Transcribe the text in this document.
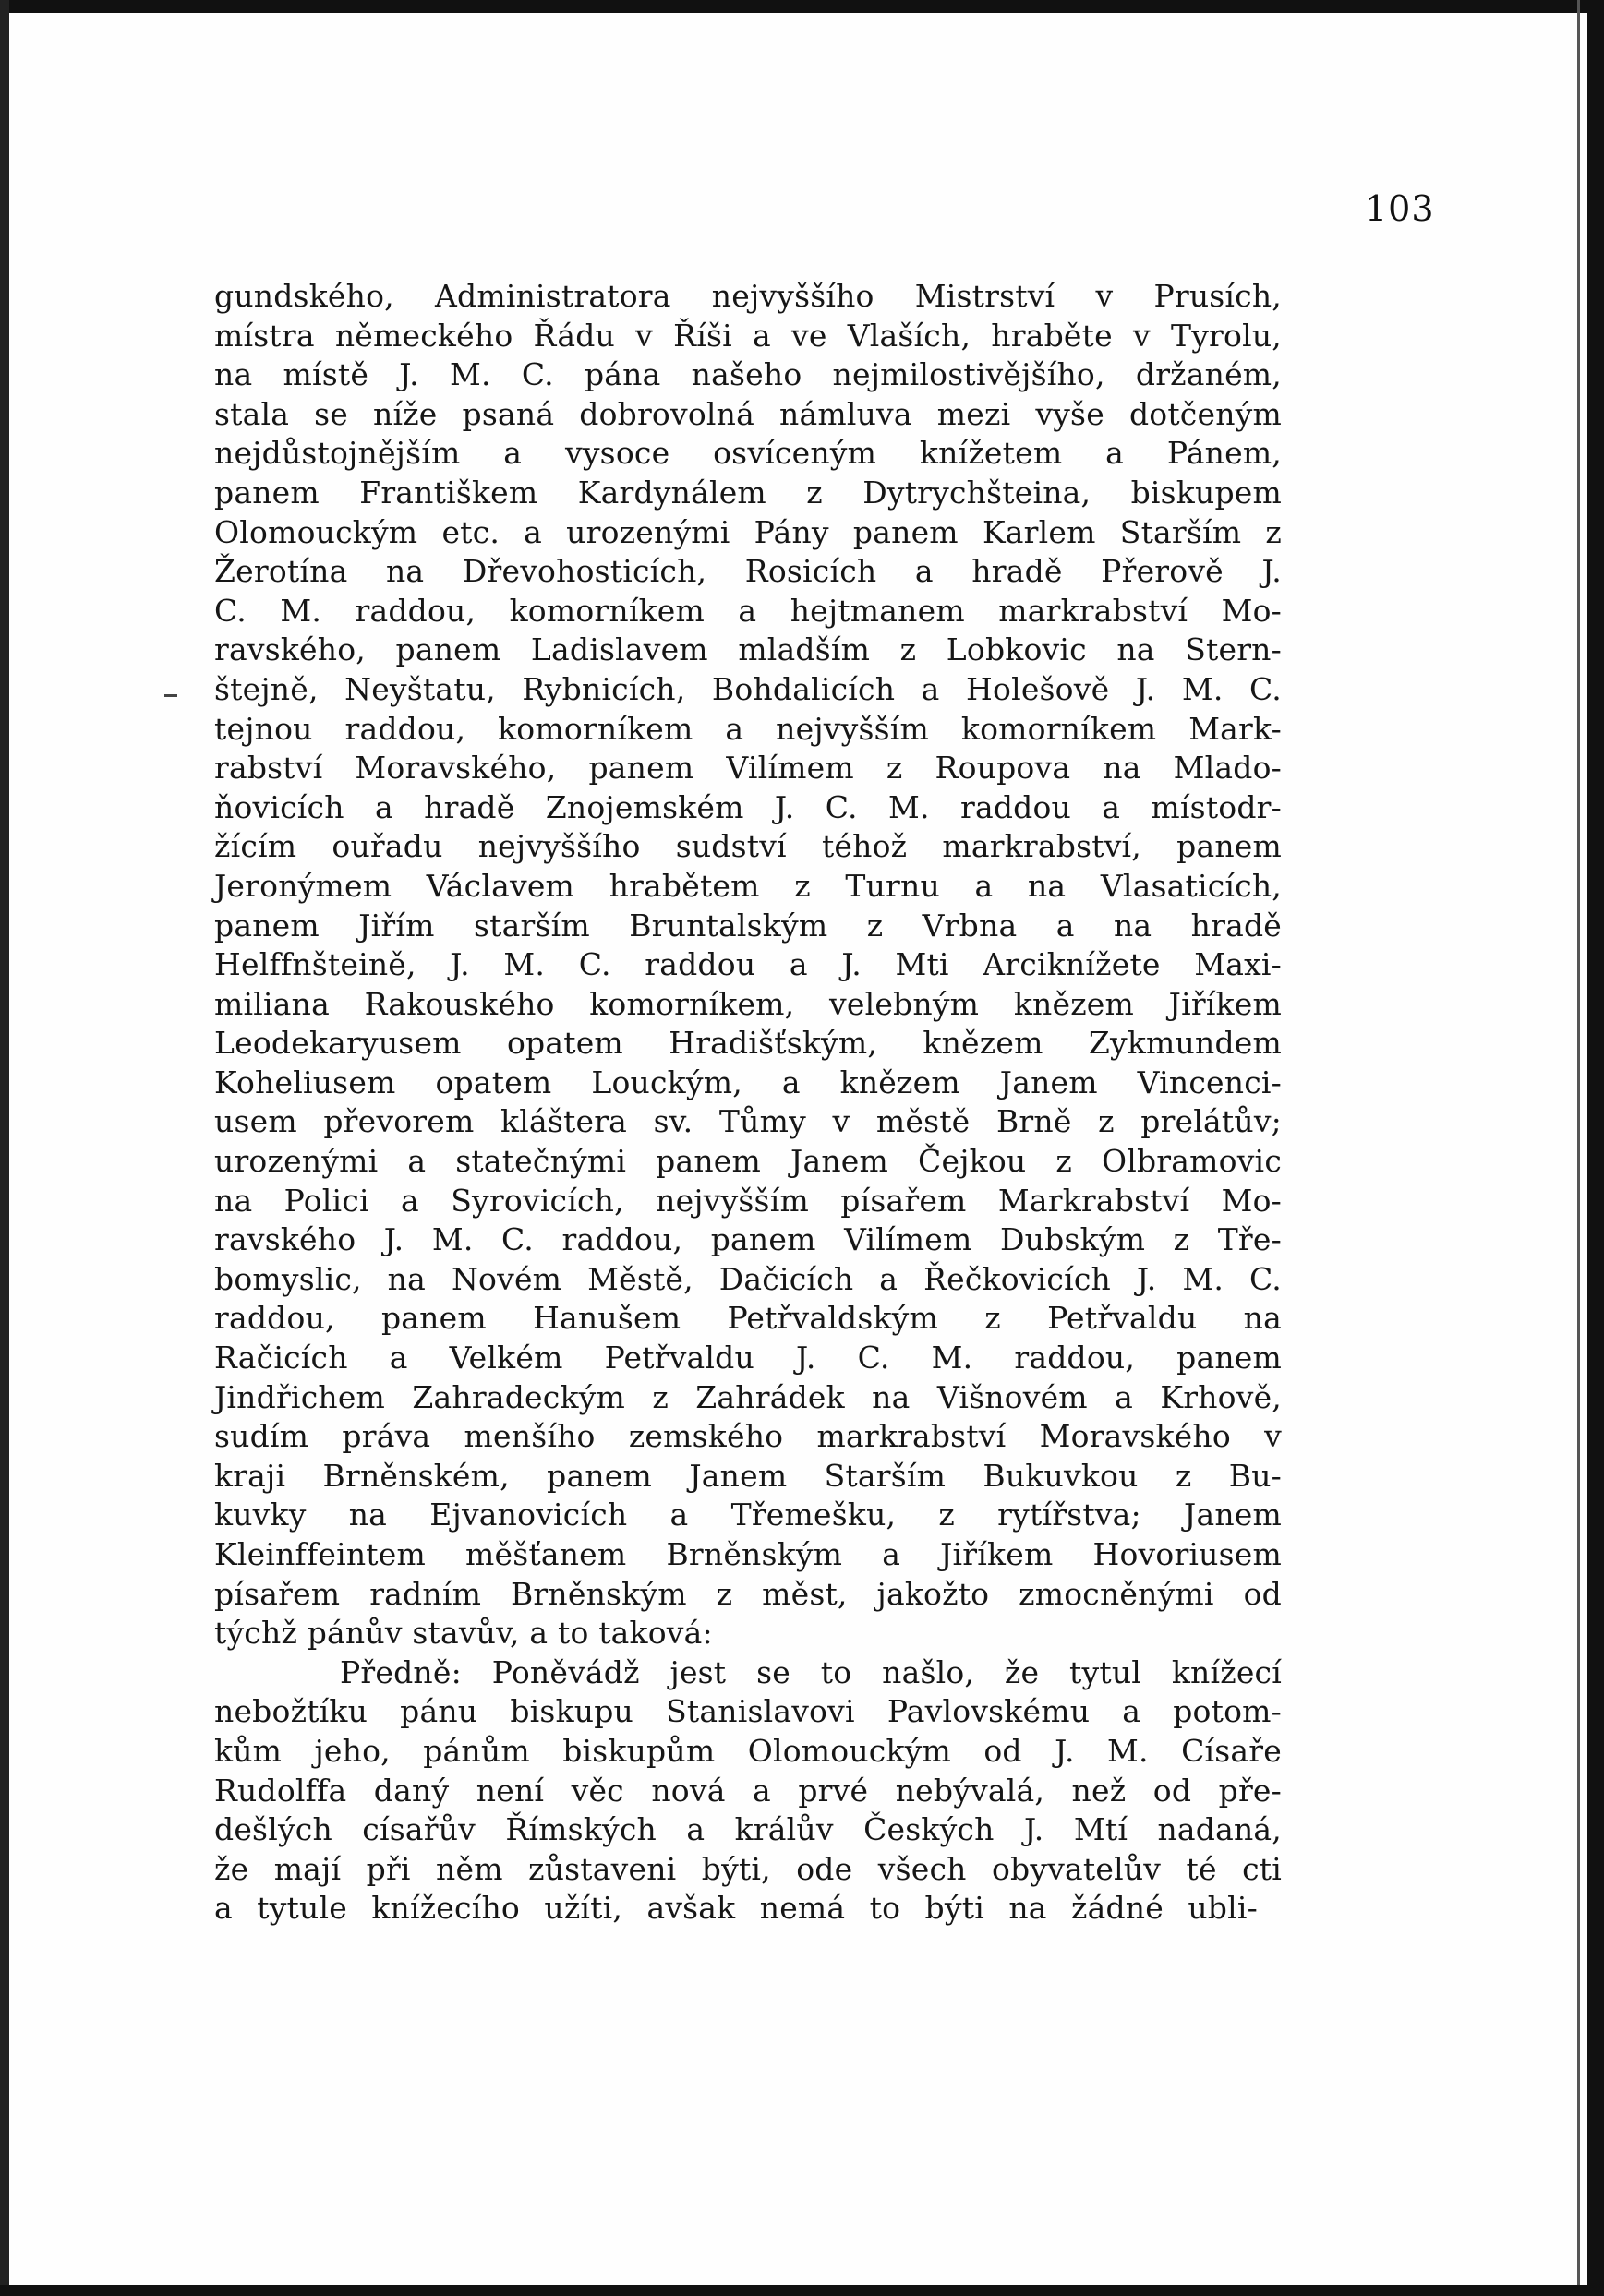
103
gundského, Administratora nejvyššího Mistrství v Prusích,
místra německého Řádu v Říši a ve Vlaších, hraběte v Tyrolu,
na místě J. M. C. pána našeho nejmilostivějšího, držaném,
stala se níže psaná dobrovolná námluva mezi vyše dotčeným
nejdůstojnějším a vysoce osvíceným knížetem a Pánem,
panem Františkem Kardynálem z Dytrychšteina, biskupem
Olomouckým etc. a urozenými Pány panem Karlem Starším z
Žerotína na Dřevohosticích, Rosicích a hradě Přerově J.
C. M. raddou, komorníkem a hejtmanem markrabství Mo-
ravského, panem Ladislavem mladším z Lobkovic na Stern-
štejně, Neyštatu, Rybnicích, Bohdalicích a Holešově J. M. C.
tejnou raddou, komorníkem a nejvyšším komorníkem Mark-
rabství Moravského, panem Vilímem z Roupova na Mlado-
ňovicích a hradě Znojemském J. C. M. raddou a místodr-
žícím ouřadu nejvyššího sudství téhož markrabství, panem
Jeronýmem Václavem hrabětem z Turnu a na Vlasaticích,
panem Jiřím starším Bruntalským z Vrbna a na hradě
Helffnšteině, J. M. C. raddou a J. Mti Arciknížete Maxi-
miliana Rakouského komorníkem, velebným knězem Jiříkem
Leodekaryusem opatem Hradišťským, knězem Zykmundem
Koheliusem opatem Louckým, a knězem Janem Vincenci-
usem převorem kláštera sv. Tůmy v městě Brně z prelátův;
urozenými a statečnými panem Janem Čejkou z Olbramovic
na Polici a Syrovicích, nejvyšším písařem Markrabství Mo-
ravského J. M. C. raddou, panem Vilímem Dubským z Tře-
bomyslic, na Novém Městě, Dačicích a Řečkovicích J. M. C.
raddou, panem Hanušem Petřvaldským z Petřvaldu na
Račicích a Velkém Petřvaldu J. C. M. raddou, panem
Jindřichem Zahradeckým z Zahrádek na Višnovém a Krhově,
sudím práva menšího zemského markrabství Moravského v
kraji Brněnském, panem Janem Starším Bukuvkou z Bu-
kuvky na Ejvanovicích a Třemešku, z rytířstva; Janem
Kleinffeintem měšťanem Brněnským a Jiříkem Hovoriusem
písařem radním Brněnským z měst, jakožto zmocněnými od
týchž pánův stavův, a to taková:
Předně: Poněvádž jest se to našlo, že tytul knížecí
nebožtíku pánu biskupu Stanislavovi Pavlovskému a potom-
kům jeho, pánům biskupům Olomouckým od J. M. Císaře
Rudolffa daný není věc nová a prvé nebývalá, než od pře-
dešlých císařův Římských a králův Českých J. Mtí nadaná,
že mají při něm zůstaveni býti, ode všech obyvatelův té cti
a tytule knížecího užíti, avšak nemá to býti na žádné ubli-
